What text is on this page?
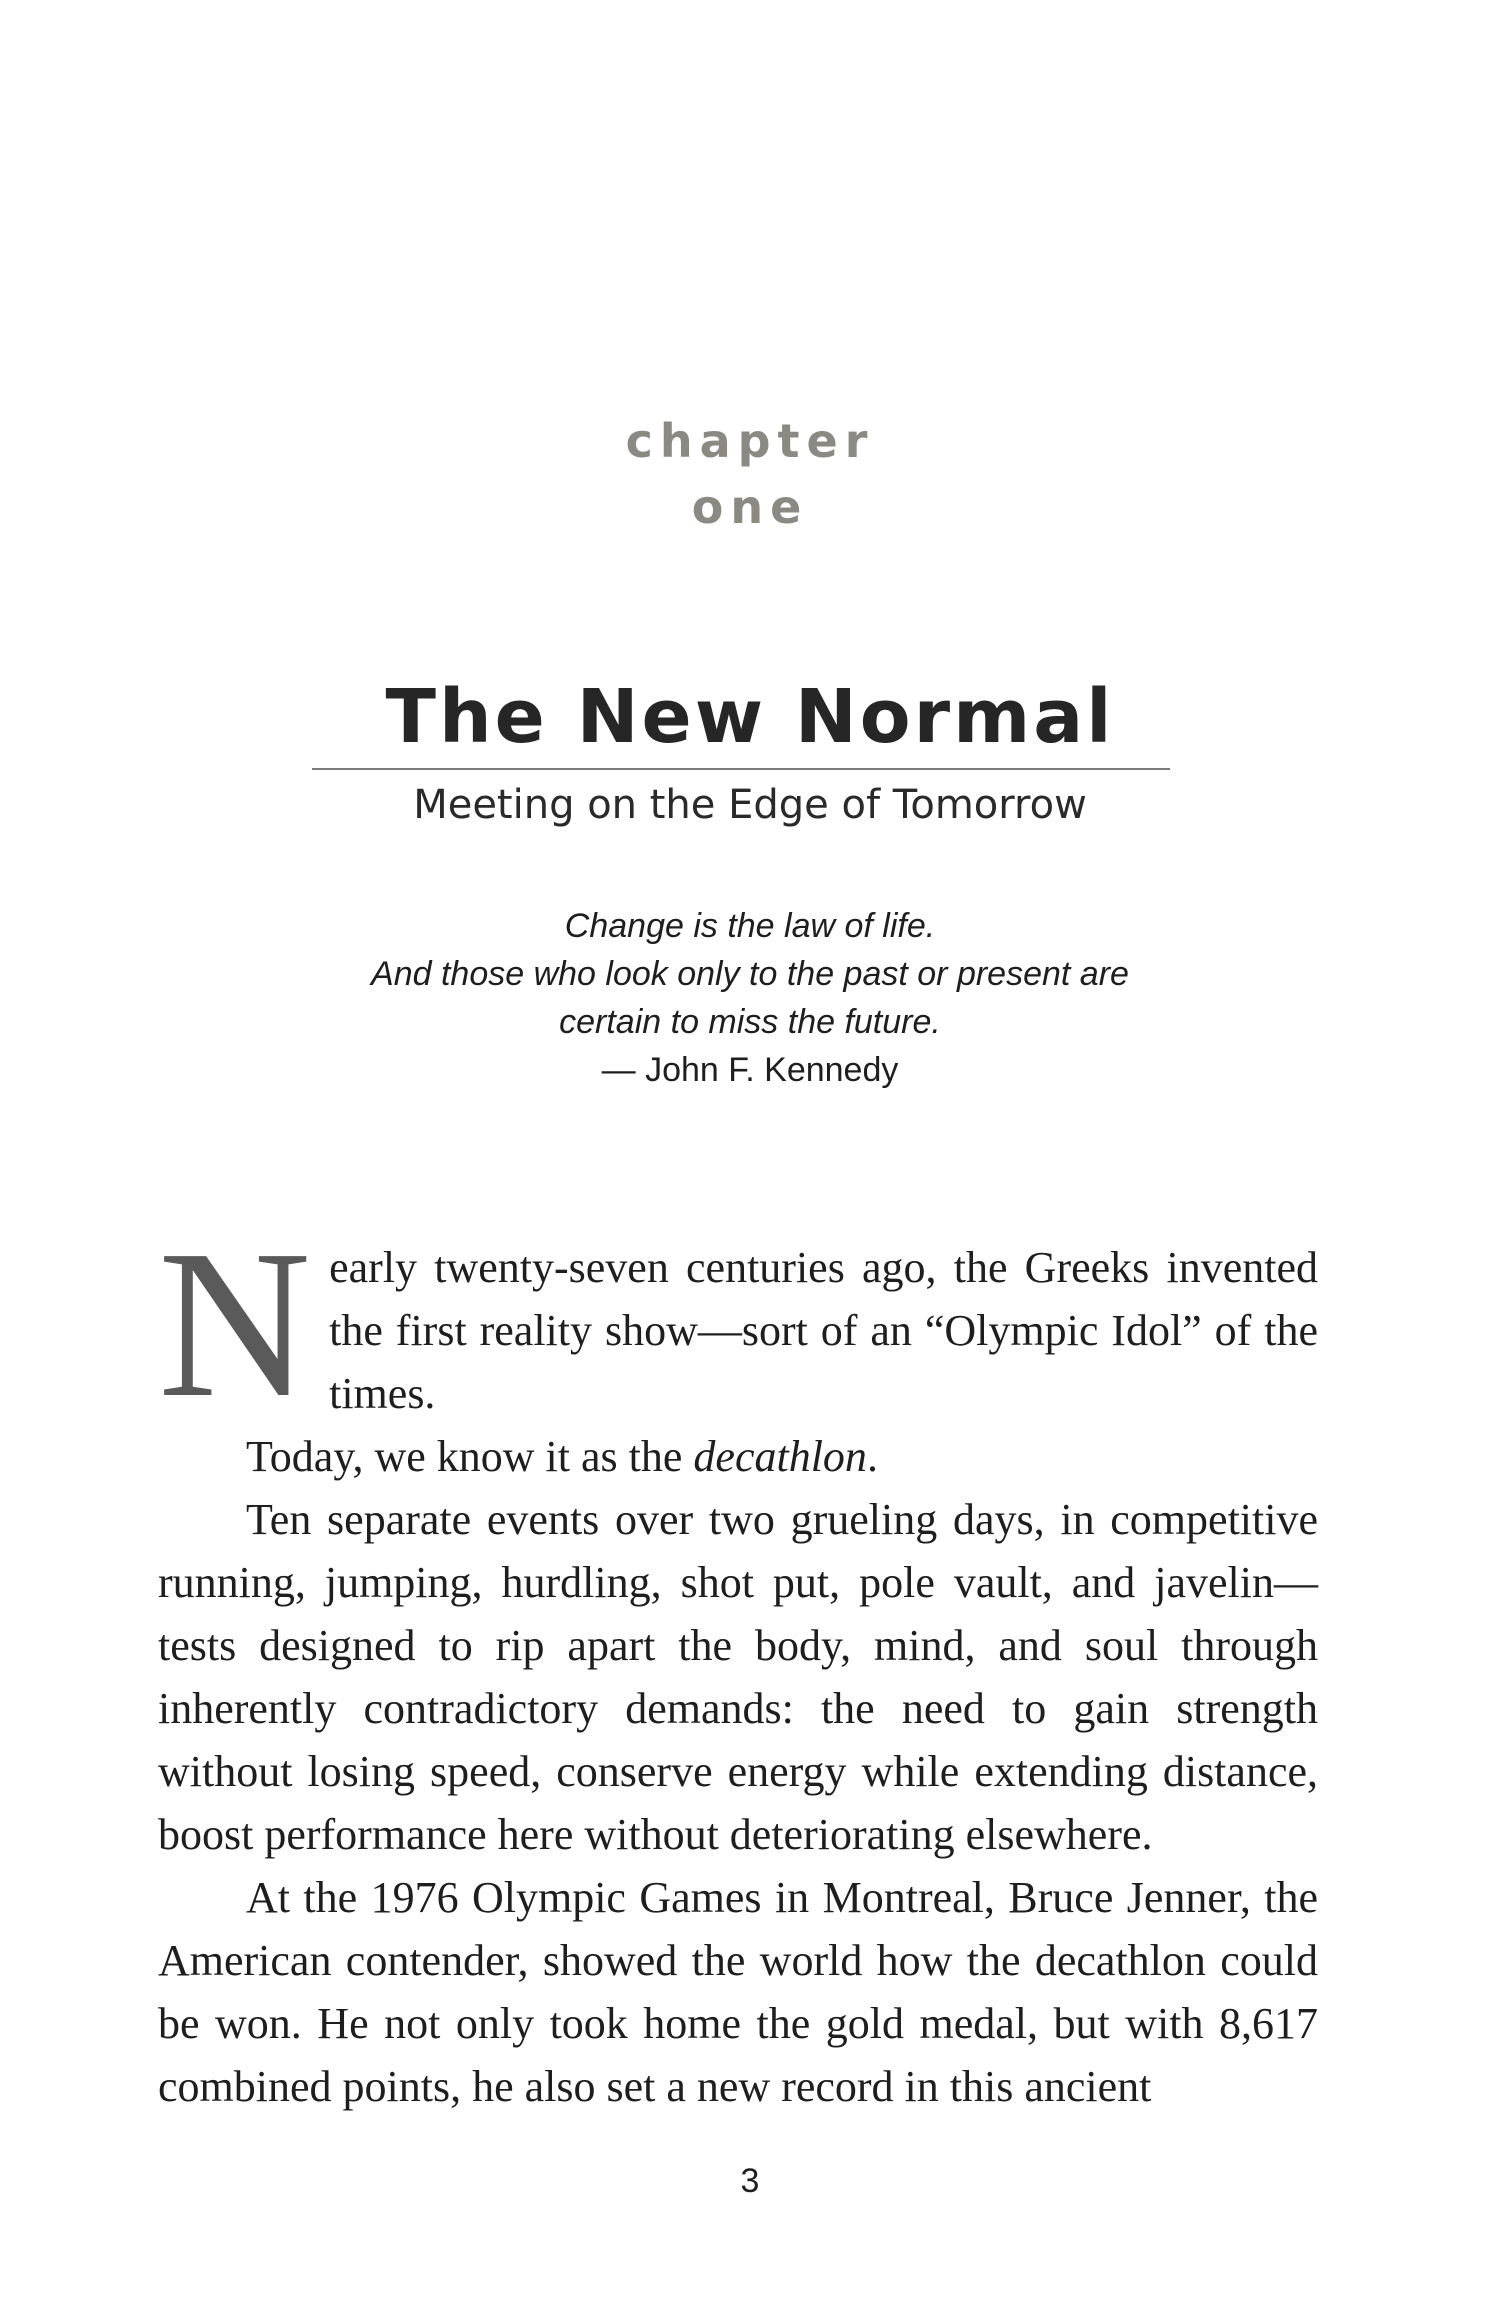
chapter
one
The New Normal
Meeting on the Edge of Tomorrow
Change is the law of life.
And those who look only to the past or present are
certain to miss the future.
— John F. Kennedy

Nearly twenty-seven centuries ago, the Greeks invented the first reality show—sort of an “Olympic Idol” of the times.

Today, we know it as the decathlon.

Ten separate events over two grueling days, in competitive running, jumping, hurdling, shot put, pole vault, and javelin—tests designed to rip apart the body, mind, and soul through inherently contradictory demands: the need to gain strength without losing speed, conserve energy while extending distance, boost performance here without deteriorating elsewhere.

At the 1976 Olympic Games in Montreal, Bruce Jenner, the American contender, showed the world how the decathlon could be won. He not only took home the gold medal, but with 8,617 combined points, he also set a new record in this ancient

3
